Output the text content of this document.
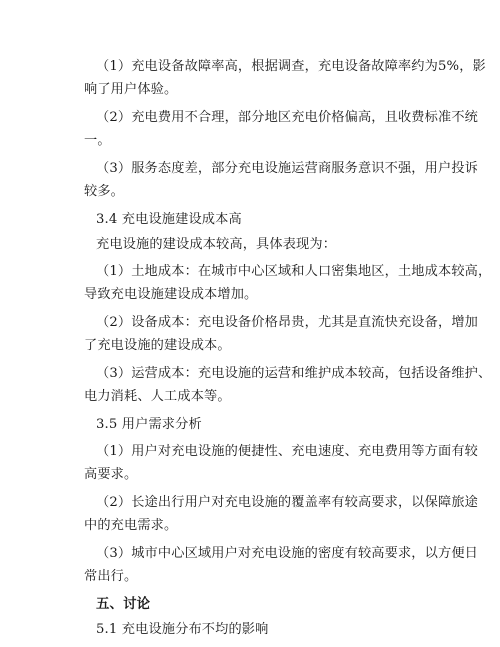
（1）充电设备故障率高，根据调查，充电设备故障率约为5%，影
响了用户体验。
（2）充电费用不合理，部分地区充电价格偏高，且收费标准不统
一。
（3）服务态度差，部分充电设施运营商服务意识不强，用户投诉
较多。
3.4 充电设施建设成本高
充电设施的建设成本较高，具体表现为：
（1）土地成本：在城市中心区域和人口密集地区，土地成本较高，
导致充电设施建设成本增加。
（2）设备成本：充电设备价格昂贵，尤其是直流快充设备，增加
了充电设施的建设成本。
（3）运营成本：充电设施的运营和维护成本较高，包括设备维护、
电力消耗、人工成本等。
3.5 用户需求分析
（1）用户对充电设施的便捷性、充电速度、充电费用等方面有较
高要求。
（2）长途出行用户对充电设施的覆盖率有较高要求，以保障旅途
中的充电需求。
（3）城市中心区域用户对充电设施的密度有较高要求，以方便日
常出行。
五、讨论
5.1 充电设施分布不均的影响
